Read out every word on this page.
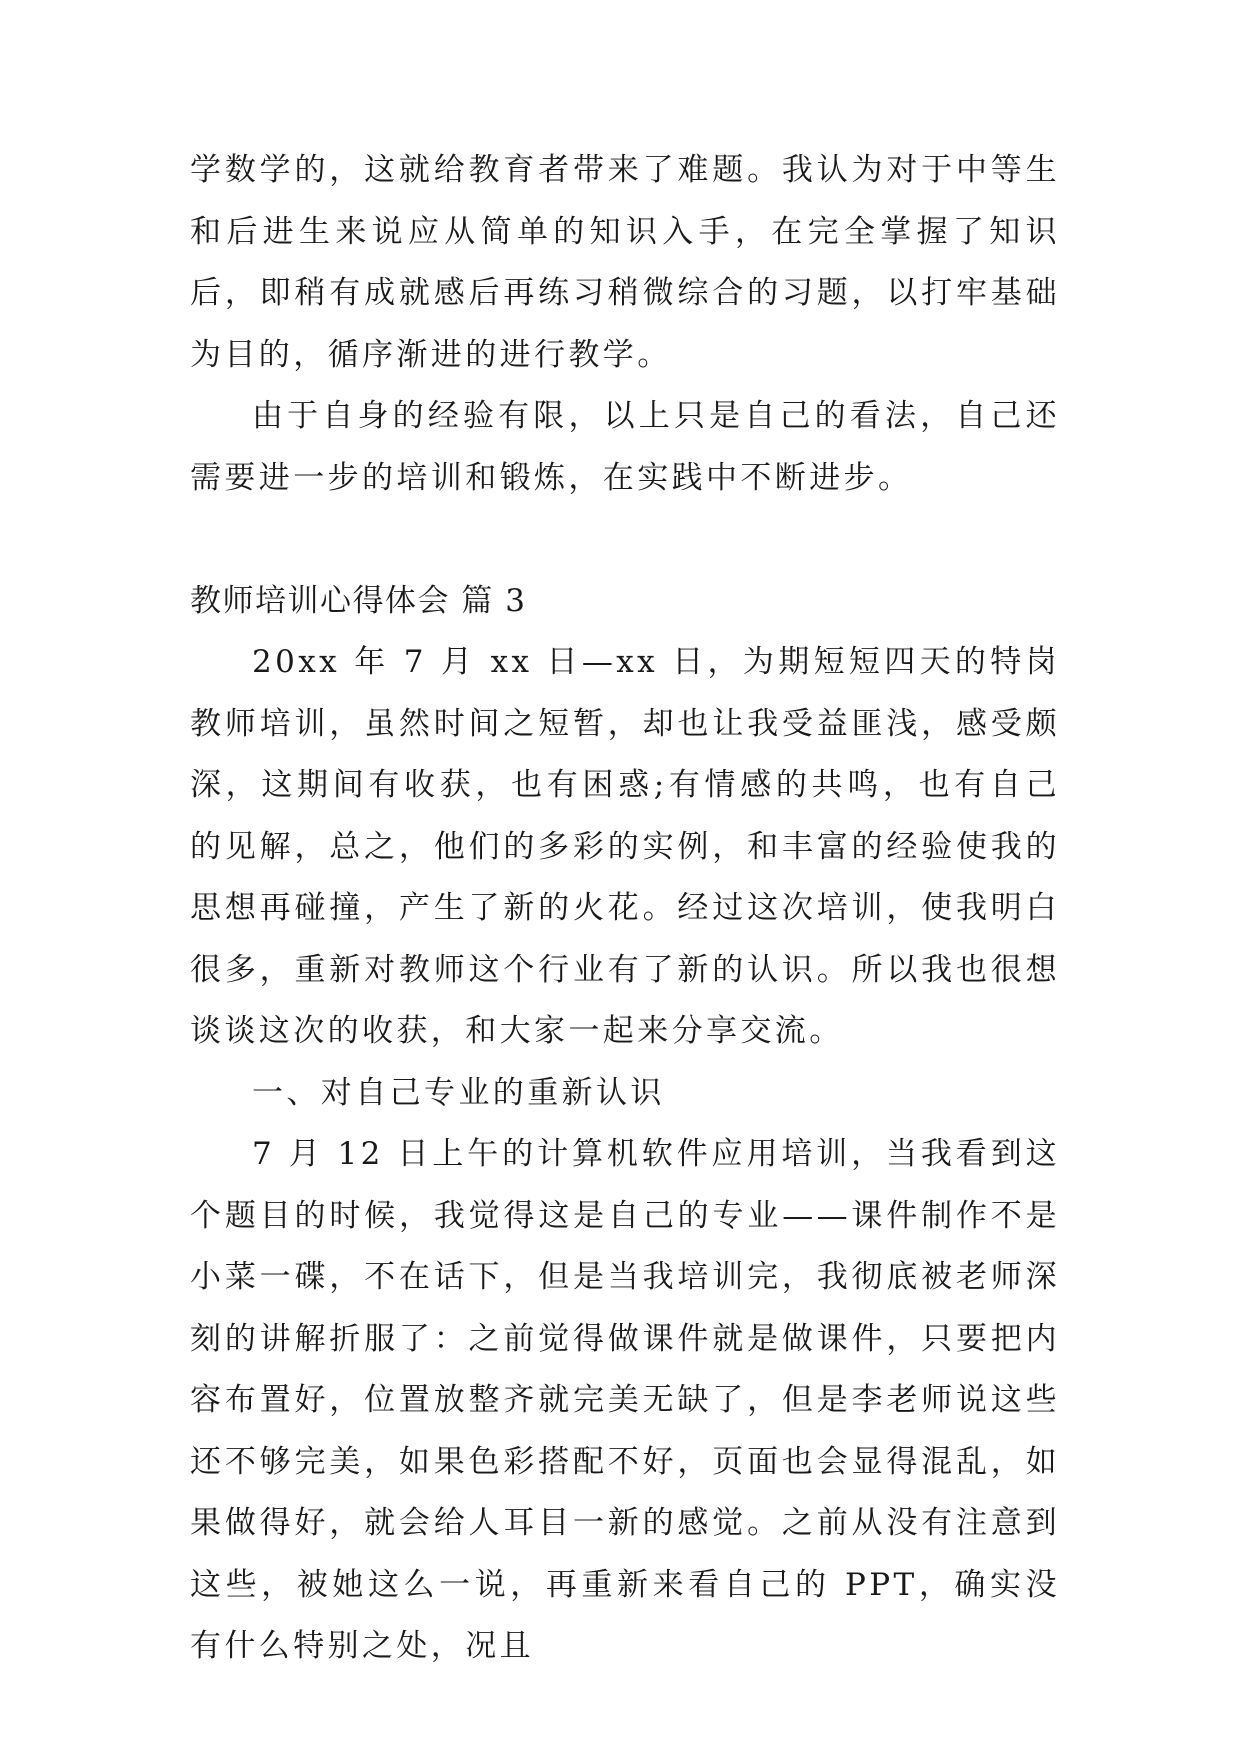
学数学的，这就给教育者带来了难题。我认为对于中等生和后进生来说应从简单的知识入手，在完全掌握了知识后，即稍有成就感后再练习稍微综合的习题，以打牢基础为目的，循序渐进的进行教学。

由于自身的经验有限，以上只是自己的看法，自己还需要进一步的培训和锻炼，在实践中不断进步。

教师培训心得体会 篇 3

20xx 年 7 月 xx 日—xx 日，为期短短四天的特岗教师培训，虽然时间之短暂，却也让我受益匪浅，感受颇深，这期间有收获，也有困惑;有情感的共鸣，也有自己的见解，总之，他们的多彩的实例，和丰富的经验使我的思想再碰撞，产生了新的火花。经过这次培训，使我明白很多，重新对教师这个行业有了新的认识。所以我也很想谈谈这次的收获，和大家一起来分享交流。

一、对自己专业的重新认识

7 月 12 日上午的计算机软件应用培训，当我看到这个题目的时候，我觉得这是自己的专业——课件制作不是小菜一碟，不在话下，但是当我培训完，我彻底被老师深刻的讲解折服了：之前觉得做课件就是做课件，只要把内容布置好，位置放整齐就完美无缺了，但是李老师说这些还不够完美，如果色彩搭配不好，页面也会显得混乱，如果做得好，就会给人耳目一新的感觉。之前从没有注意到这些，被她这么一说，再重新来看自己的 PPT，确实没有什么特别之处，况且
